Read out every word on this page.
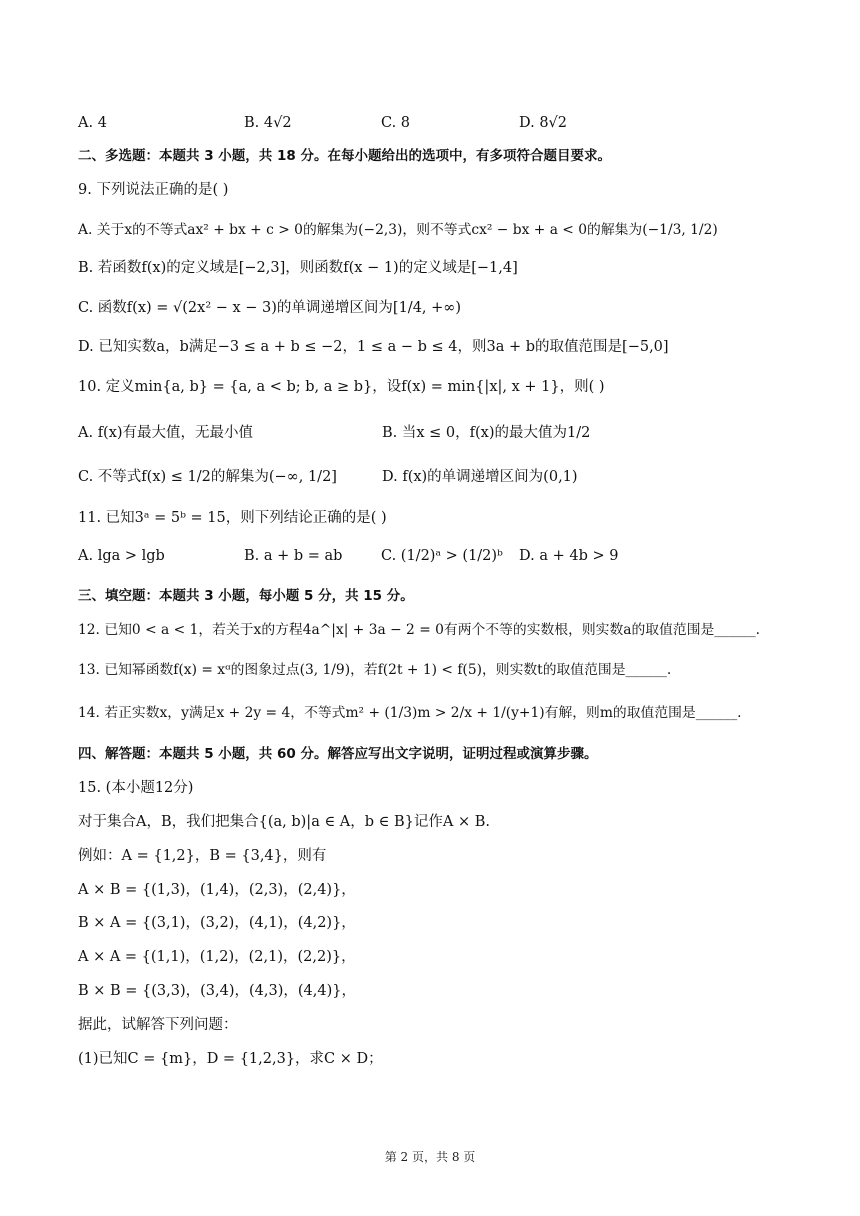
A. 4	B. 4√2	C. 8	D. 8√2
二、多选题：本题共 3 小题，共 18 分。在每小题给出的选项中，有多项符合题目要求。
9. 下列说法正确的是( )
A. 关于x的不等式ax² + bx + c > 0的解集为(−2,3)，则不等式cx² − bx + a < 0的解集为(−1/3, 1/2)
B. 若函数f(x)的定义域是[−2,3]，则函数f(x − 1)的定义域是[−1,4]
C. 函数f(x) = √(2x² − x − 3)的单调递增区间为[1/4, +∞)
D. 已知实数a，b满足−3 ≤ a + b ≤ −2，1 ≤ a − b ≤ 4，则3a + b的取值范围是[−5,0]
10. 定义min{a, b} = {a, a < b; b, a ≥ b}，设f(x) = min{|x|, x + 1}，则( )
A. f(x)有最大值，无最小值	B. 当x ≤ 0，f(x)的最大值为1/2
C. 不等式f(x) ≤ 1/2的解集为(−∞, 1/2]	D. f(x)的单调递增区间为(0,1)
11. 已知3ᵃ = 5ᵇ = 15，则下列结论正确的是( )
A. lga > lgb	B. a + b = ab	C. (1/2)ᵃ > (1/2)ᵇ D. a + 4b > 9
三、填空题：本题共 3 小题，每小题 5 分，共 15 分。
12. 已知0 < a < 1，若关于x的方程4a^|x| + 3a − 2 = 0有两个不等的实数根，则实数a的取值范围是______.
13. 已知幂函数f(x) = xᵅ的图象过点(3, 1/9)，若f(2t + 1) < f(5)，则实数t的取值范围是______.
14. 若正实数x，y满足x + 2y = 4，不等式m² + (1/3)m > 2/x + 1/(y+1)有解，则m的取值范围是______.
四、解答题：本题共 5 小题，共 60 分。解答应写出文字说明，证明过程或演算步骤。
15. (本小题12分)
对于集合A，B，我们把集合{(a, b)|a ∈ A，b ∈ B}记作A × B.
例如：A = {1,2}，B = {3,4}，则有
A × B = {(1,3)，(1,4)，(2,3)，(2,4)}，
B × A = {(3,1)，(3,2)，(4,1)，(4,2)}，
A × A = {(1,1)，(1,2)，(2,1)，(2,2)}，
B × B = {(3,3)，(3,4)，(4,3)，(4,4)}，
据此，试解答下列问题：
(1)已知C = {m}，D = {1,2,3}，求C × D；
第 2 页，共 8 页
